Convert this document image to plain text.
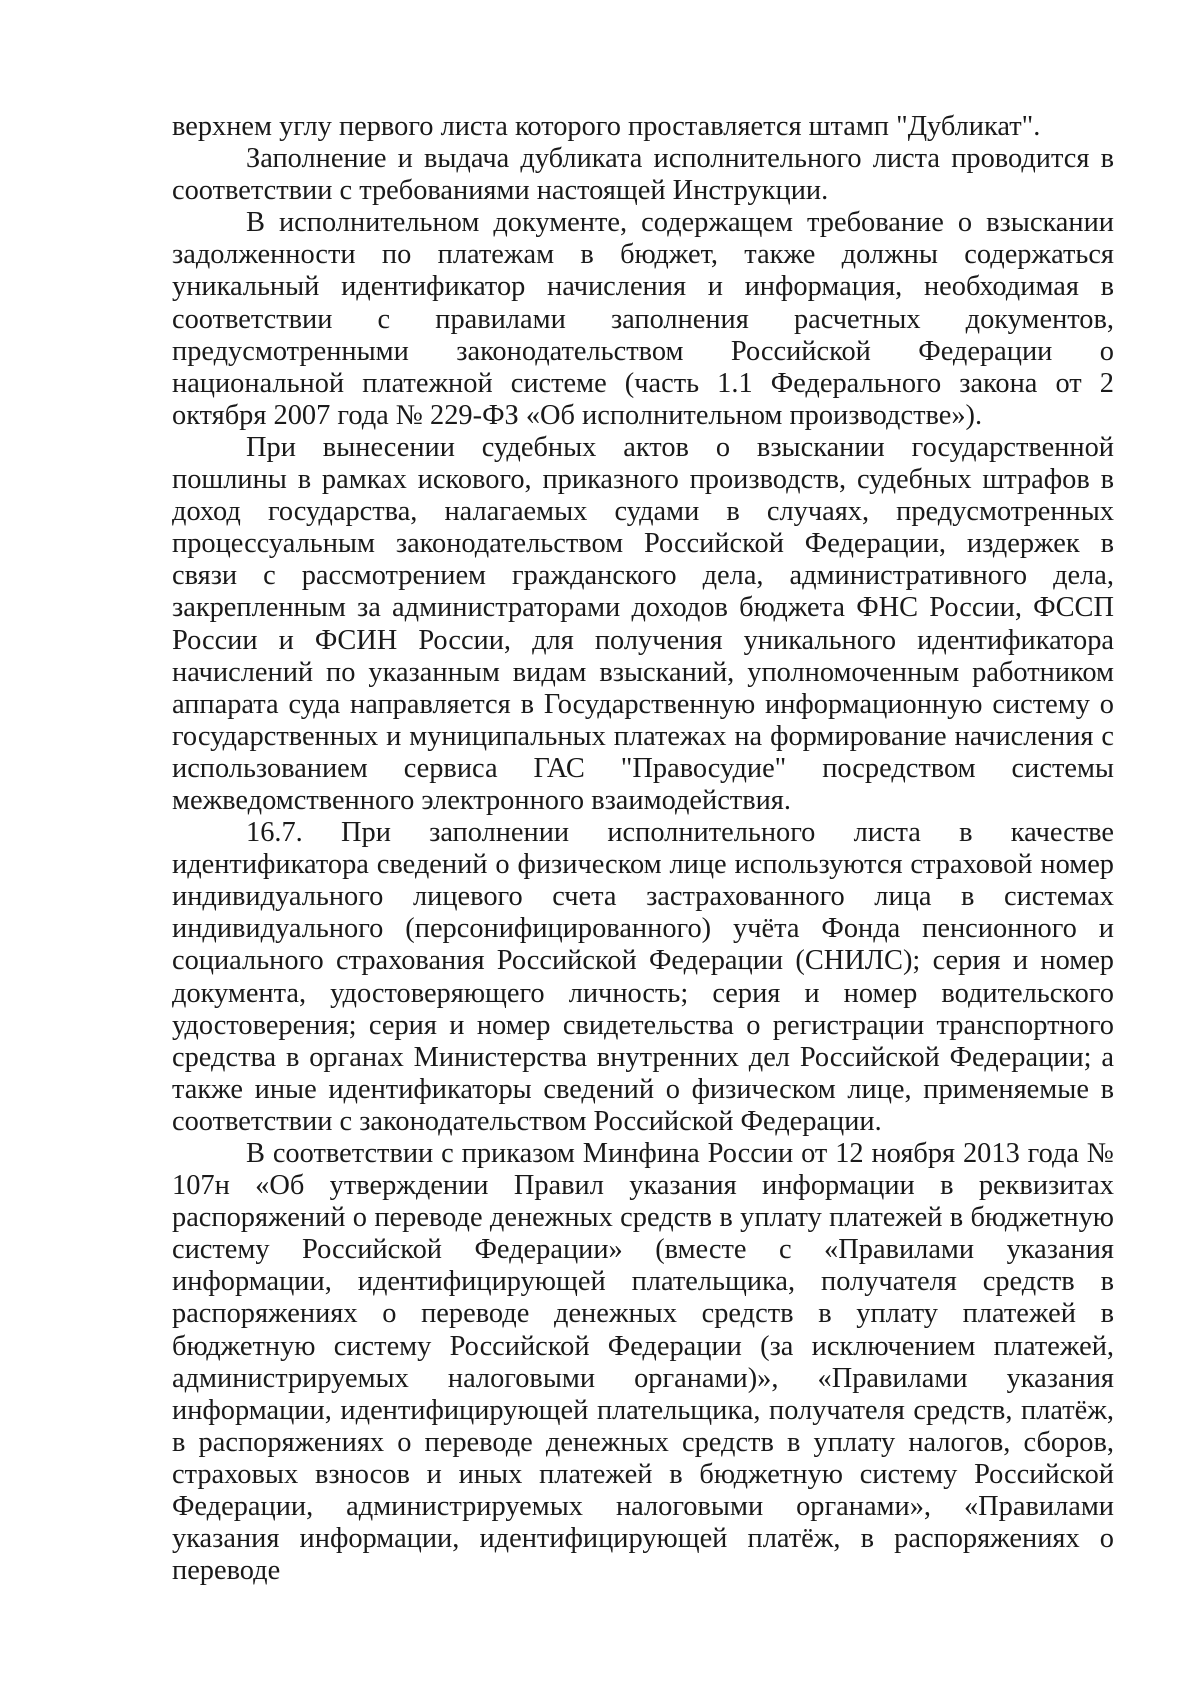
верхнем углу первого листа которого проставляется штамп "Дубликат".

Заполнение и выдача дубликата исполнительного листа проводится в соответствии с требованиями настоящей Инструкции.

В исполнительном документе, содержащем требование о взыскании задолженности по платежам в бюджет, также должны содержаться уникальный идентификатор начисления и информация, необходимая в соответствии с правилами заполнения расчетных документов, предусмотренными законодательством Российской Федерации о национальной платежной системе (часть 1.1 Федерального закона от 2 октября 2007 года № 229-ФЗ «Об исполнительном производстве»).

При вынесении судебных актов о взыскании государственной пошлины в рамках искового, приказного производств, судебных штрафов в доход государства, налагаемых судами в случаях, предусмотренных процессуальным законодательством Российской Федерации, издержек в связи с рассмотрением гражданского дела, административного дела, закрепленным за администраторами доходов бюджета ФНС России, ФССП России и ФСИН России, для получения уникального идентификатора начислений по указанным видам взысканий, уполномоченным работником аппарата суда направляется в Государственную информационную систему о государственных и муниципальных платежах на формирование начисления с использованием сервиса ГАС "Правосудие" посредством системы межведомственного электронного взаимодействия.

16.7. При заполнении исполнительного листа в качестве идентификатора сведений о физическом лице используются страховой номер индивидуального лицевого счета застрахованного лица в системах индивидуального (персонифицированного) учёта Фонда пенсионного и социального страхования Российской Федерации (СНИЛС); серия и номер документа, удостоверяющего личность; серия и номер водительского удостоверения; серия и номер свидетельства о регистрации транспортного средства в органах Министерства внутренних дел Российской Федерации; а также иные идентификаторы сведений о физическом лице, применяемые в соответствии с законодательством Российской Федерации.

В соответствии с приказом Минфина России от 12 ноября 2013 года № 107н «Об утверждении Правил указания информации в реквизитах распоряжений о переводе денежных средств в уплату платежей в бюджетную систему Российской Федерации» (вместе с «Правилами указания информации, идентифицирующей плательщика, получателя средств в распоряжениях о переводе денежных средств в уплату платежей в бюджетную систему Российской Федерации (за исключением платежей, администрируемых налоговыми органами)», «Правилами указания информации, идентифицирующей плательщика, получателя средств, платёж, в распоряжениях о переводе денежных средств в уплату налогов, сборов, страховых взносов и иных платежей в бюджетную систему Российской Федерации, администрируемых налоговыми органами», «Правилами указания информации, идентифицирующей платёж, в распоряжениях о переводе
